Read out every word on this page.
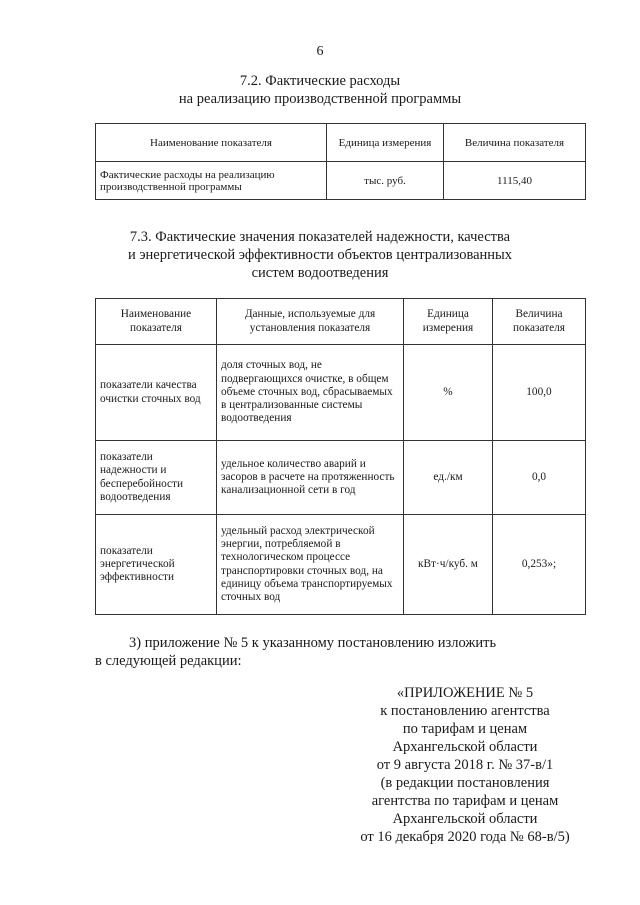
6
7.2. Фактические расходы
на реализацию производственной программы
Наименование показателя	Единица измерения	Величина показателя
Фактические расходы на реализацию производственной программы	тыс. руб.	1115,40
7.3. Фактические значения показателей надежности, качества
и энергетической эффективности объектов централизованных
систем водоотведения
Наименование показателя	Данные, используемые для установления показателя	Единица измерения	Величина показателя
показатели качества очистки сточных вод	доля сточных вод, не подвергающихся очистке, в общем объеме сточных вод, сбрасываемых в централизованные системы водоотведения	%	100,0
показатели надежности и бесперебойности водоотведения	удельное количество аварий и засоров в расчете на протяженность канализационной сети в год	ед./км	0,0
показатели энергетической эффективности	удельный расход электрической энергии, потребляемой в технологическом процессе транспортировки сточных вод, на единицу объема транспортируемых сточных вод	кВт·ч/куб. м	0,253»;
3) приложение № 5 к указанному постановлению изложить
в следующей редакции:
«ПРИЛОЖЕНИЕ № 5
к постановлению агентства
по тарифам и ценам
Архангельской области
от 9 августа 2018 г. № 37-в/1
(в редакции постановления
агентства по тарифам и ценам
Архангельской области
от 16 декабря 2020 года № 68-в/5)
